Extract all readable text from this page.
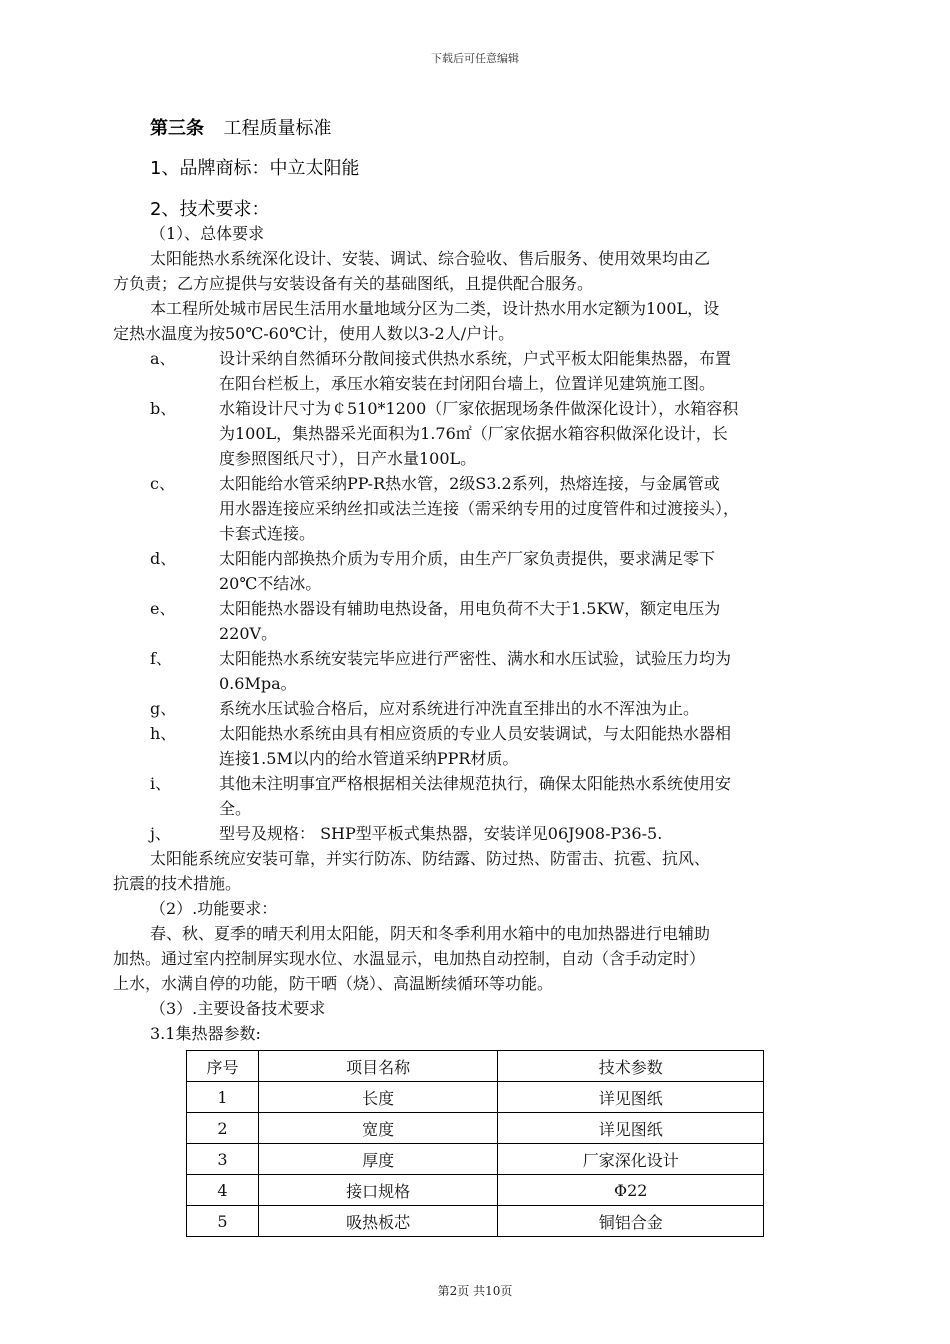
下载后可任意编辑
第三条 工程质量标准
1、品牌商标：中立太阳能
2、技术要求：
（1）、总体要求
太阳能热水系统深化设计、安装、调试、综合验收、售后服务、使用效果均由乙
方负责；乙方应提供与安装设备有关的基础图纸，且提供配合服务。
本工程所处城市居民生活用水量地域分区为二类，设计热水用水定额为100L，设
定热水温度为按50℃-60℃计，使用人数以3-2人/户计。
a、	设计采纳自然循环分散间接式供热水系统，户式平板太阳能集热器，布置
在阳台栏板上，承压水箱安装在封闭阳台墙上，位置详见建筑施工图。
b、	水箱设计尺寸为￠510*1200（厂家依据现场条件做深化设计），水箱容积
为100L，集热器采光面积为1.76㎡（厂家依据水箱容积做深化设计，长
度参照图纸尺寸），日产水量100L。
c、	太阳能给水管采纳PP-R热水管，2级S3.2系列，热熔连接，与金属管或
用水器连接应采纳丝扣或法兰连接（需采纳专用的过度管件和过渡接头），
卡套式连接。
d、	太阳能内部换热介质为专用介质，由生产厂家负责提供，要求满足零下
20℃不结冰。
e、	太阳能热水器设有辅助电热设备，用电负荷不大于1.5KW，额定电压为
220V。
f、	太阳能热水系统安装完毕应进行严密性、满水和水压试验，试验压力均为
0.6Mpa。
g、	系统水压试验合格后，应对系统进行冲洗直至排出的水不浑浊为止。
h、	太阳能热水系统由具有相应资质的专业人员安装调试，与太阳能热水器相
连接1.5M以内的给水管道采纳PPR材质。
i、	其他未注明事宜严格根据相关法律规范执行，确保太阳能热水系统使用安
全。
j、	型号及规格： SHP型平板式集热器，安装详见06J908-P36-5.
太阳能系统应安装可靠，并实行防冻、防结露、防过热、防雷击、抗雹、抗风、
抗震的技术措施。
（2）.功能要求：
春、秋、夏季的晴天利用太阳能，阴天和冬季利用水箱中的电加热器进行电辅助
加热。通过室内控制屏实现水位、水温显示，电加热自动控制，自动（含手动定时）
上水，水满自停的功能，防干晒（烧）、高温断续循环等功能。
（3）.主要设备技术要求
3.1集热器参数:
序号	项目名称	技术参数
1	长度	详见图纸
2	宽度	详见图纸
3	厚度	厂家深化设计
4	接口规格	Φ22
5	吸热板芯	铜铝合金
第2页 共10页
